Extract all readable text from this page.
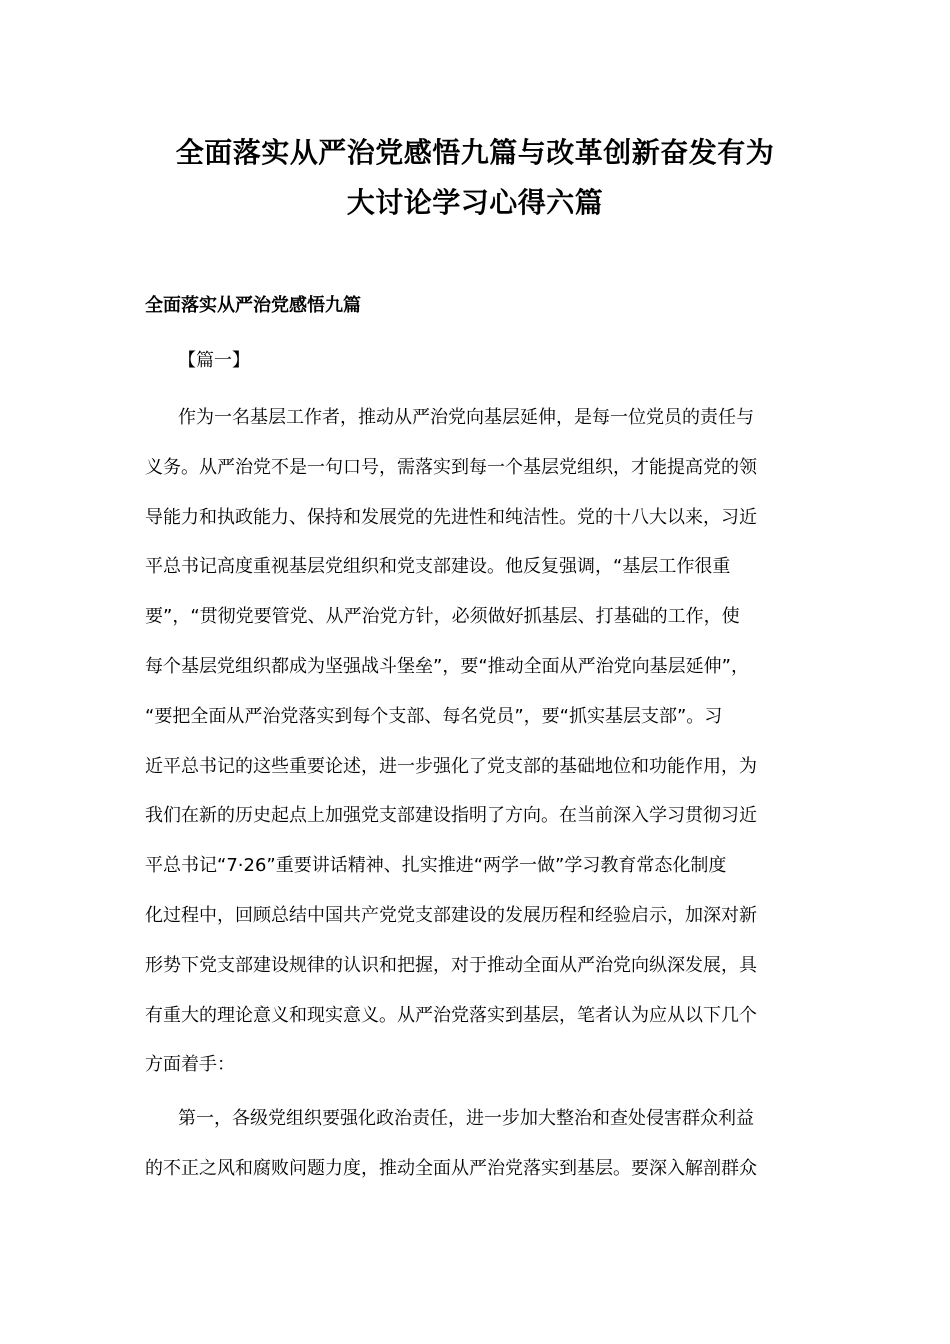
全面落实从严治党感悟九篇与改革创新奋发有为
大讨论学习心得六篇
全面落实从严治党感悟九篇
【篇一】

作为一名基层工作者，推动从严治党向基层延伸，是每一位党员的责任与
义务。从严治党不是一句口号，需落实到每一个基层党组织，才能提高党的领
导能力和执政能力、保持和发展党的先进性和纯洁性。党的十八大以来，习近
平总书记高度重视基层党组织和党支部建设。他反复强调，“基层工作很重
要”，“贯彻党要管党、从严治党方针，必须做好抓基层、打基础的工作，使
每个基层党组织都成为坚强战斗堡垒”，要“推动全面从严治党向基层延伸”，
“要把全面从严治党落实到每个支部、每名党员”，要“抓实基层支部”。习
近平总书记的这些重要论述，进一步强化了党支部的基础地位和功能作用，为
我们在新的历史起点上加强党支部建设指明了方向。在当前深入学习贯彻习近
平总书记“7·26”重要讲话精神、扎实推进“两学一做”学习教育常态化制度
化过程中，回顾总结中国共产党党支部建设的发展历程和经验启示，加深对新
形势下党支部建设规律的认识和把握，对于推动全面从严治党向纵深发展，具
有重大的理论意义和现实意义。从严治党落实到基层，笔者认为应从以下几个
方面着手：

第一，各级党组织要强化政治责任，进一步加大整治和查处侵害群众利益
的不正之风和腐败问题力度，推动全面从严治党落实到基层。要深入解剖群众
